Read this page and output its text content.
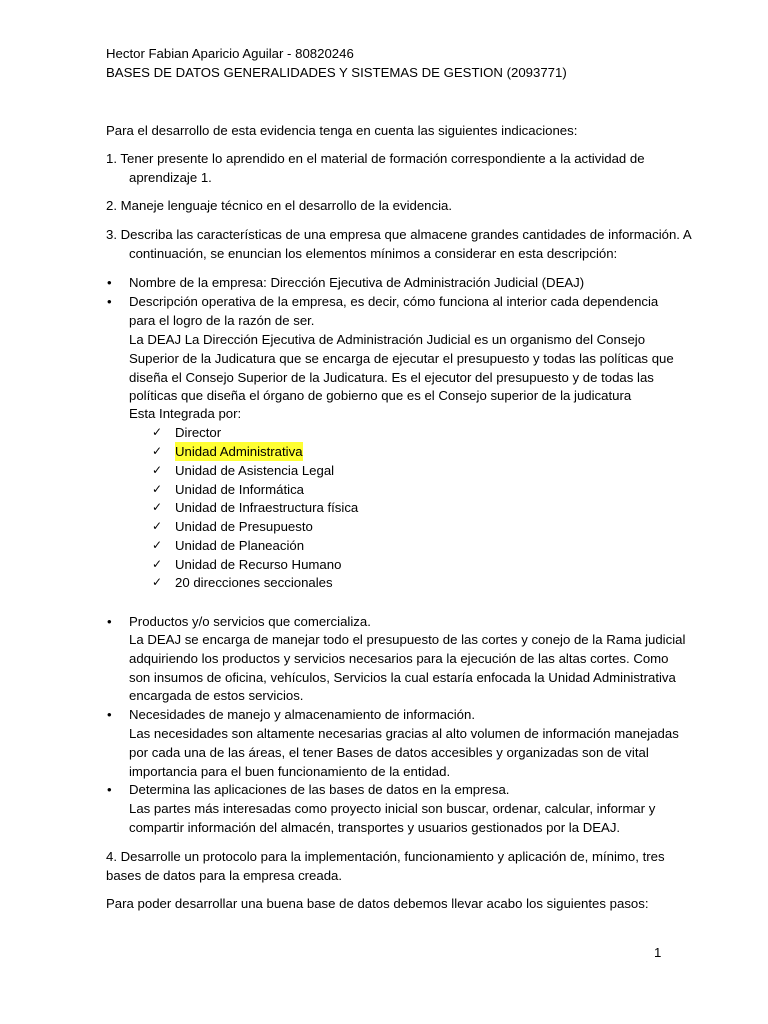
Hector Fabian Aparicio Aguilar - 80820246
BASES DE DATOS GENERALIDADES Y SISTEMAS DE GESTION (2093771)
Para el desarrollo de esta evidencia tenga en cuenta las siguientes indicaciones:
1. Tener presente lo aprendido en el material de formación correspondiente a la actividad de
aprendizaje 1.
2. Maneje lenguaje técnico en el desarrollo de la evidencia.
3. Describa las características de una empresa que almacene grandes cantidades de información. A
continuación, se enuncian los elementos mínimos a considerar en esta descripción:
• Nombre de la empresa: Dirección Ejecutiva de Administración Judicial (DEAJ)
• Descripción operativa de la empresa, es decir, cómo funciona al interior cada dependencia
para el logro de la razón de ser.
La DEAJ La Dirección Ejecutiva de Administración Judicial es un organismo del Consejo
Superior de la Judicatura que se encarga de ejecutar el presupuesto y todas las políticas que
diseña el Consejo Superior de la Judicatura. Es el ejecutor del presupuesto y de todas las
políticas que diseña el órgano de gobierno que es el Consejo superior de la judicatura
Esta Integrada por:
✓ Director
✓ Unidad Administrativa
✓ Unidad de Asistencia Legal
✓ Unidad de Informática
✓ Unidad de Infraestructura física
✓ Unidad de Presupuesto
✓ Unidad de Planeación
✓ Unidad de Recurso Humano
✓ 20 direcciones seccionales
• Productos y/o servicios que comercializa.
La DEAJ se encarga de manejar todo el presupuesto de las cortes y conejo de la Rama judicial
adquiriendo los productos y servicios necesarios para la ejecución de las altas cortes. Como
son insumos de oficina, vehículos, Servicios la cual estaría enfocada la Unidad Administrativa
encargada de estos servicios.
• Necesidades de manejo y almacenamiento de información.
Las necesidades son altamente necesarias gracias al alto volumen de información manejadas
por cada una de las áreas, el tener Bases de datos accesibles y organizadas son de vital
importancia para el buen funcionamiento de la entidad.
• Determina las aplicaciones de las bases de datos en la empresa.
Las partes más interesadas como proyecto inicial son buscar, ordenar, calcular, informar y
compartir información del almacén, transportes y usuarios gestionados por la DEAJ.
4. Desarrolle un protocolo para la implementación, funcionamiento y aplicación de, mínimo, tres
bases de datos para la empresa creada.
Para poder desarrollar una buena base de datos debemos llevar acabo los siguientes pasos:
1
